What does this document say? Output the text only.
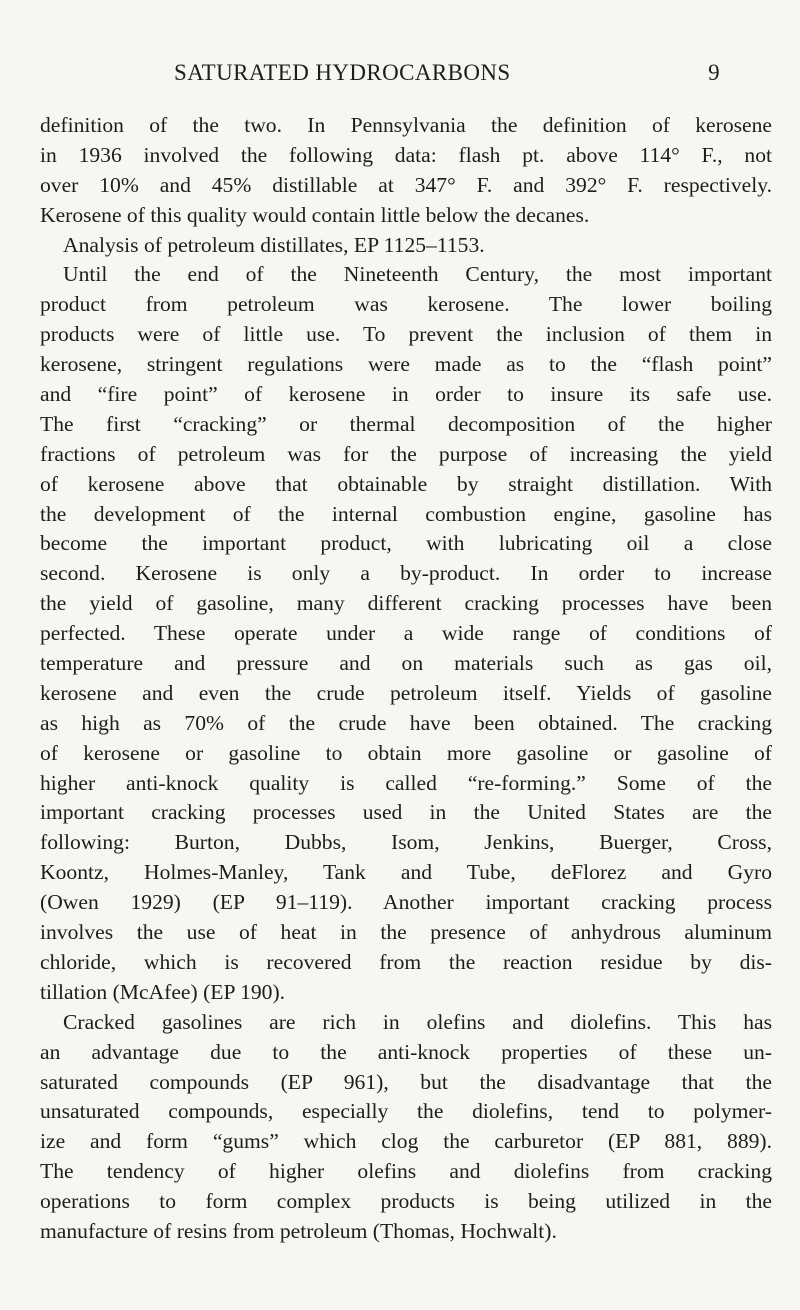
SATURATED HYDROCARBONS	9
definition of the two. In Pennsylvania the definition of kerosene
in 1936 involved the following data: flash pt. above 114° F., not
over 10% and 45% distillable at 347° F. and 392° F. respectively.
Kerosene of this quality would contain little below the decanes.
Analysis of petroleum distillates, EP 1125–1153.
Until the end of the Nineteenth Century, the most important
product from petroleum was kerosene. The lower boiling
products were of little use. To prevent the inclusion of them in
kerosene, stringent regulations were made as to the “flash point”
and “fire point” of kerosene in order to insure its safe use.
The first “cracking” or thermal decomposition of the higher
fractions of petroleum was for the purpose of increasing the yield
of kerosene above that obtainable by straight distillation. With
the development of the internal combustion engine, gasoline has
become the important product, with lubricating oil a close
second. Kerosene is only a by-product. In order to increase
the yield of gasoline, many different cracking processes have been
perfected. These operate under a wide range of conditions of
temperature and pressure and on materials such as gas oil,
kerosene and even the crude petroleum itself. Yields of gasoline
as high as 70% of the crude have been obtained. The cracking
of kerosene or gasoline to obtain more gasoline or gasoline of
higher anti-knock quality is called “re-forming.” Some of the
important cracking processes used in the United States are the
following: Burton, Dubbs, Isom, Jenkins, Buerger, Cross,
Koontz, Holmes-Manley, Tank and Tube, deFlorez and Gyro
(Owen 1929) (EP 91–119). Another important cracking process
involves the use of heat in the presence of anhydrous aluminum
chloride, which is recovered from the reaction residue by dis-
tillation (McAfee) (EP 190).
Cracked gasolines are rich in olefins and diolefins. This has
an advantage due to the anti-knock properties of these un-
saturated compounds (EP 961), but the disadvantage that the
unsaturated compounds, especially the diolefins, tend to polymer-
ize and form “gums” which clog the carburetor (EP 881, 889).
The tendency of higher olefins and diolefins from cracking
operations to form complex products is being utilized in the
manufacture of resins from petroleum (Thomas, Hochwalt).
